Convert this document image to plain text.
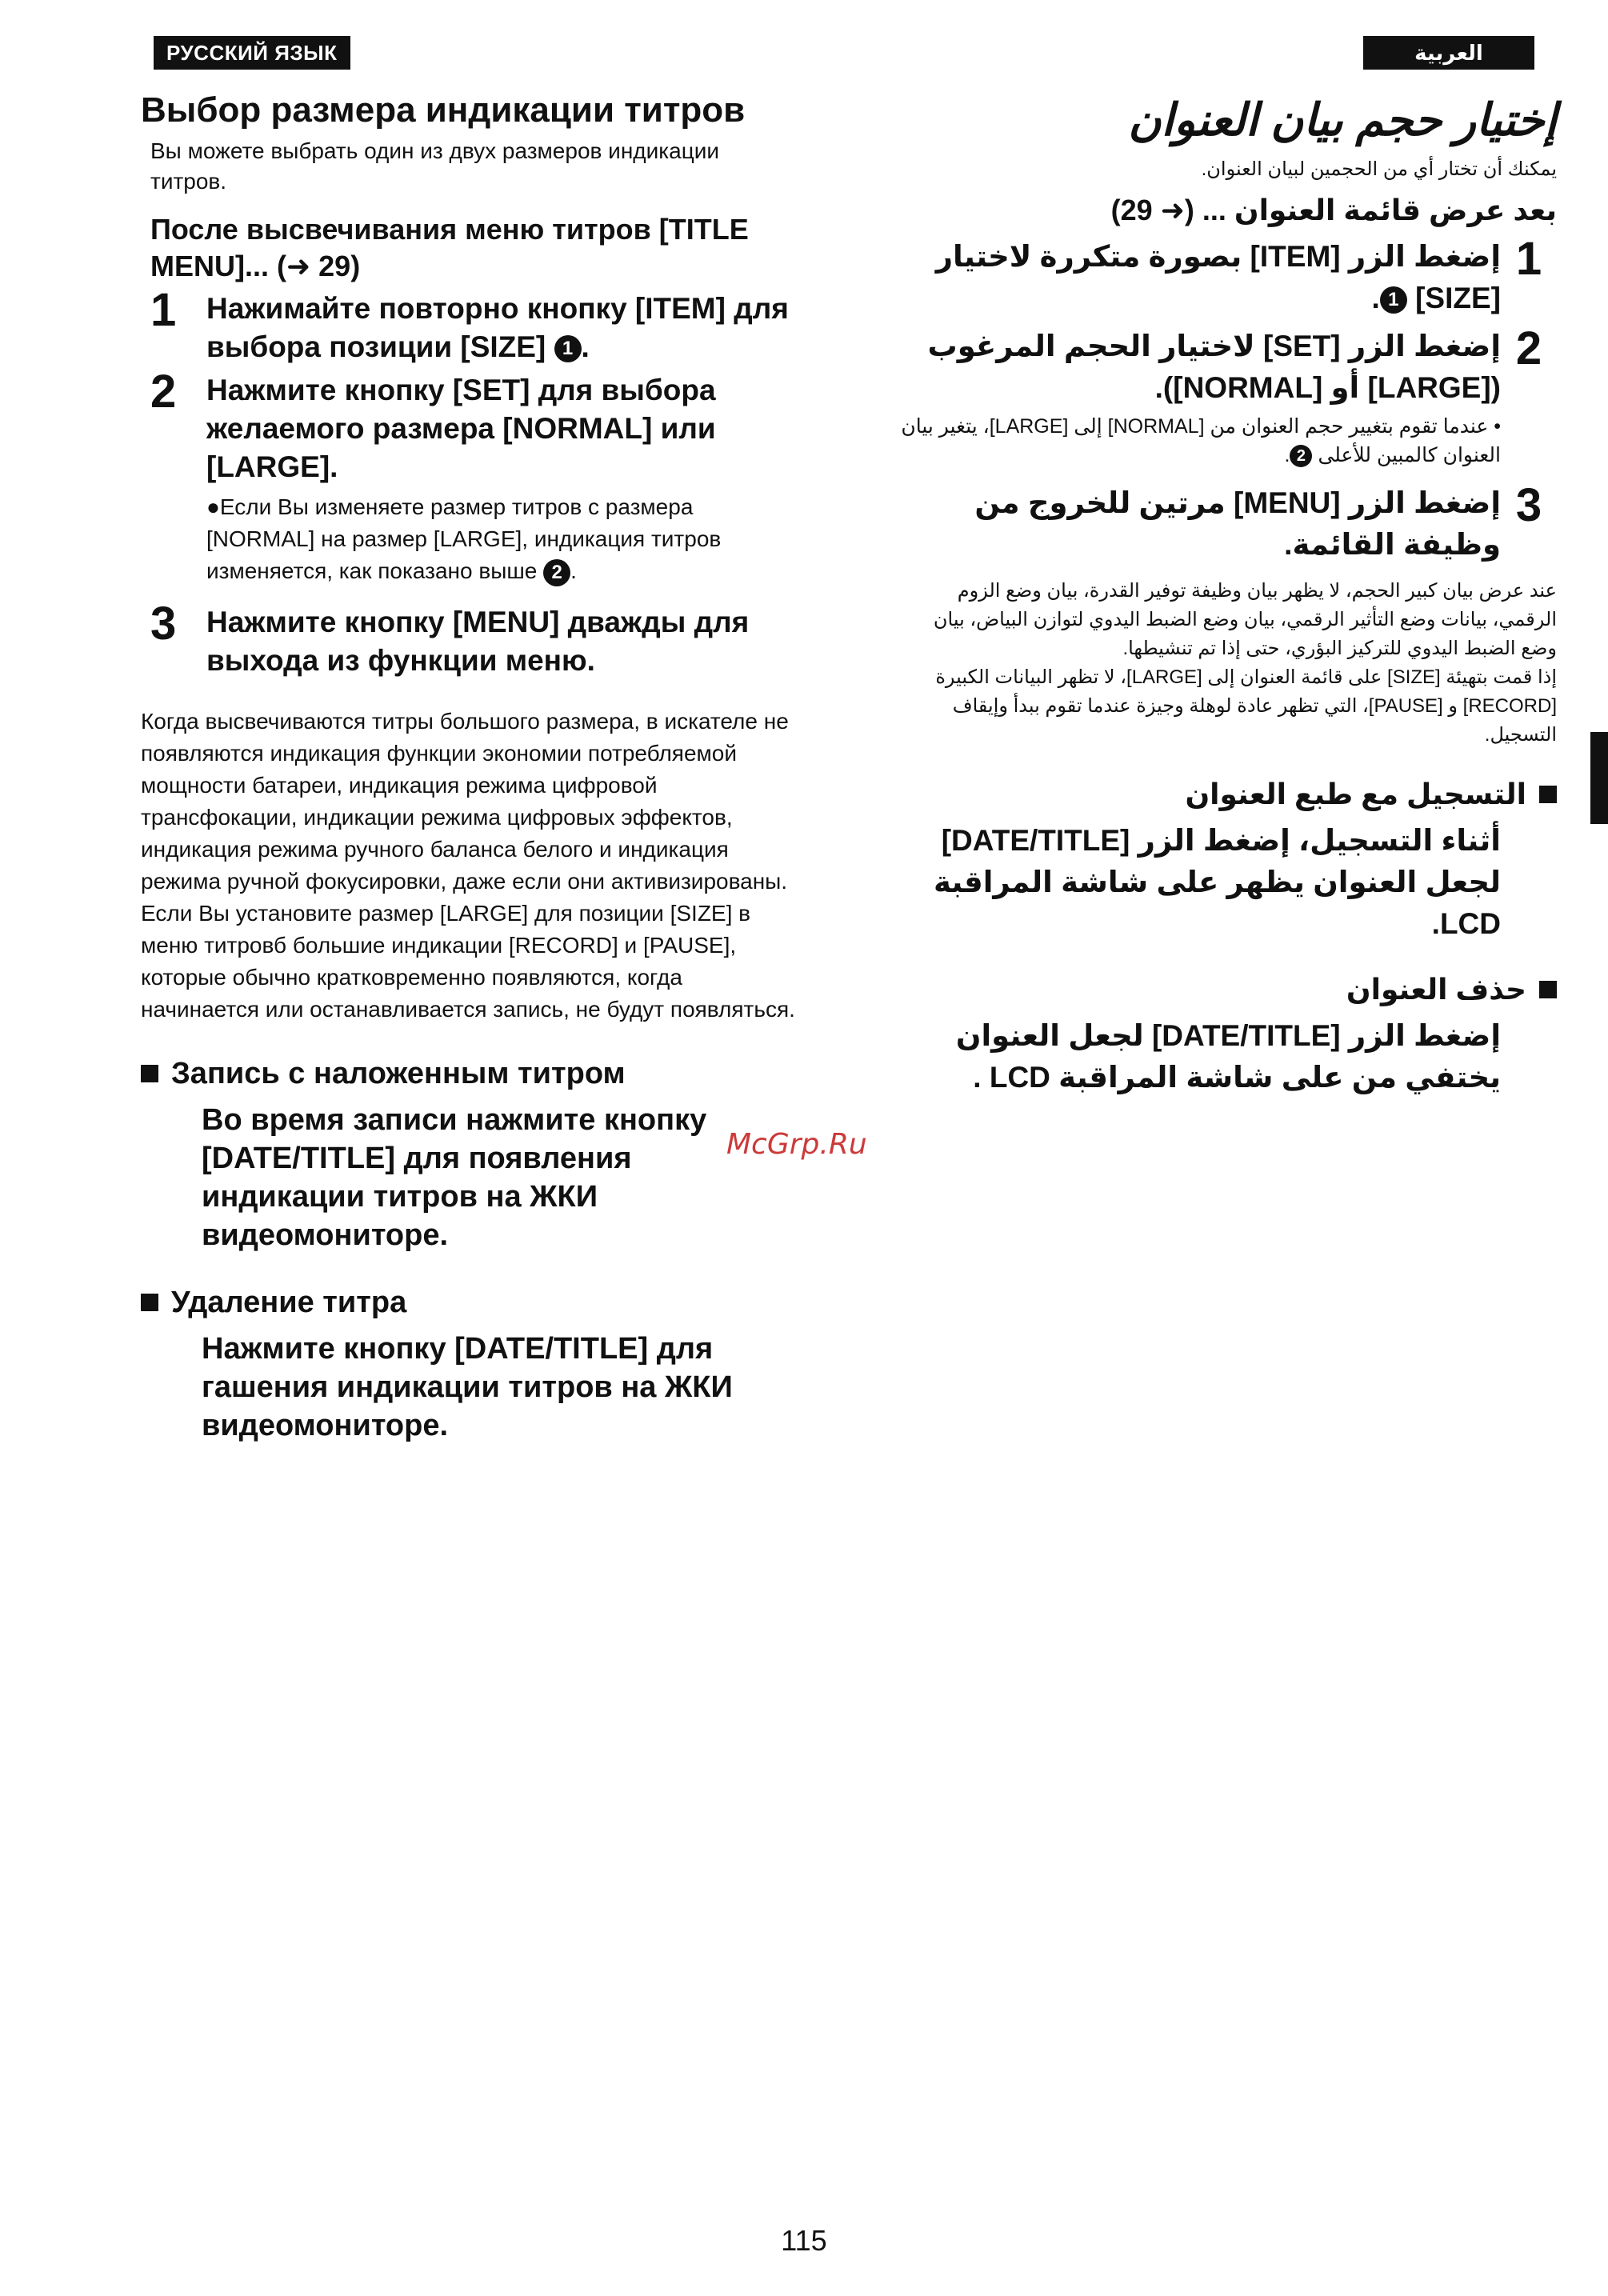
РУССКИЙ ЯЗЫК	العربية
Выбор размера индикации титров
Вы можете выбрать один из двух размеров индикации титров.
После высвечивания меню титров [TITLE MENU]... (➜ 29)
1	Нажимайте повторно кнопку [ITEM] для выбора позиции [SIZE] 1 .
2	Нажмите кнопку [SET] для выбора желаемого размера [NORMAL] или [LARGE].
●Если Вы изменяете размер титров с размера [NORMAL] на размер [LARGE], индикация титров изменяется, как показано выше 2 .
3	Нажмите кнопку [MENU] дважды для выхода из функции меню.
Когда высвечиваются титры большого размера, в искателе не появляются индикация функции экономии потребляемой мощности батареи, индикация режима цифровой трансфокации, индикации режима цифровых эффектов, индикация режима ручного баланса белого и индикация режима ручной фокусировки, даже если они активизированы.
Если Вы установите размер [LARGE] для позиции [SIZE] в меню титровб большие индикации [RECORD] и [PAUSE], которые обычно кратковременно появляются, когда начинается или останавливается запись, не будут появляться.
Запись с наложенным титром
Во время записи нажмите кнопку [DATE/TITLE] для появления индикации титров на ЖКИ видеомониторе.
Удаление титра
Нажмите кнопку [DATE/TITLE] для гашения индикации титров на ЖКИ видеомониторе.
McGrp.Ru
إختيار حجم بيان العنوان
يمكنك أن تختار أي من الحجمين لبيان العنوان.
بعد عرض قائمة العنوان ... (➜ 29)
1
إضغط الزر [ITEM] بصورة متكررة لاختيار [SIZE] 1.
2
إضغط الزر [SET] لاختيار الحجم المرغوب ([LARGE] أو [NORMAL]).
• عندما تقوم بتغيير حجم العنوان من [NORMAL] إلى [LARGE]، يتغير بيان العنوان كالمبين للأعلى 2.
3
إضغط الزر [MENU] مرتين للخروج من وظيفة القائمة.
عند عرض بيان كبير الحجم، لا يظهر بيان وظيفة توفير القدرة، بيان وضع الزوم الرقمي، بيانات وضع التأثير الرقمي، بيان وضع الضبط اليدوي لتوازن البياض، بيان وضع الضبط اليدوي للتركيز البؤري، حتى إذا تم تنشيطها.
إذا قمت بتهيئة [SIZE] على قائمة العنوان إلى [LARGE]، لا تظهر البيانات الكبيرة [RECORD] و [PAUSE]، التي تظهر عادة لوهلة وجيزة عندما تقوم ببدأ وإيقاف التسجيل.
التسجيل مع طبع العنوان
أثناء التسجيل، إضغط الزر [DATE/TITLE] لجعل العنوان يظهر على شاشة المراقبة LCD.
حذف العنوان
إضغط الزر [DATE/TITLE] لجعل العنوان يختفي من على شاشة المراقبة LCD .
115
